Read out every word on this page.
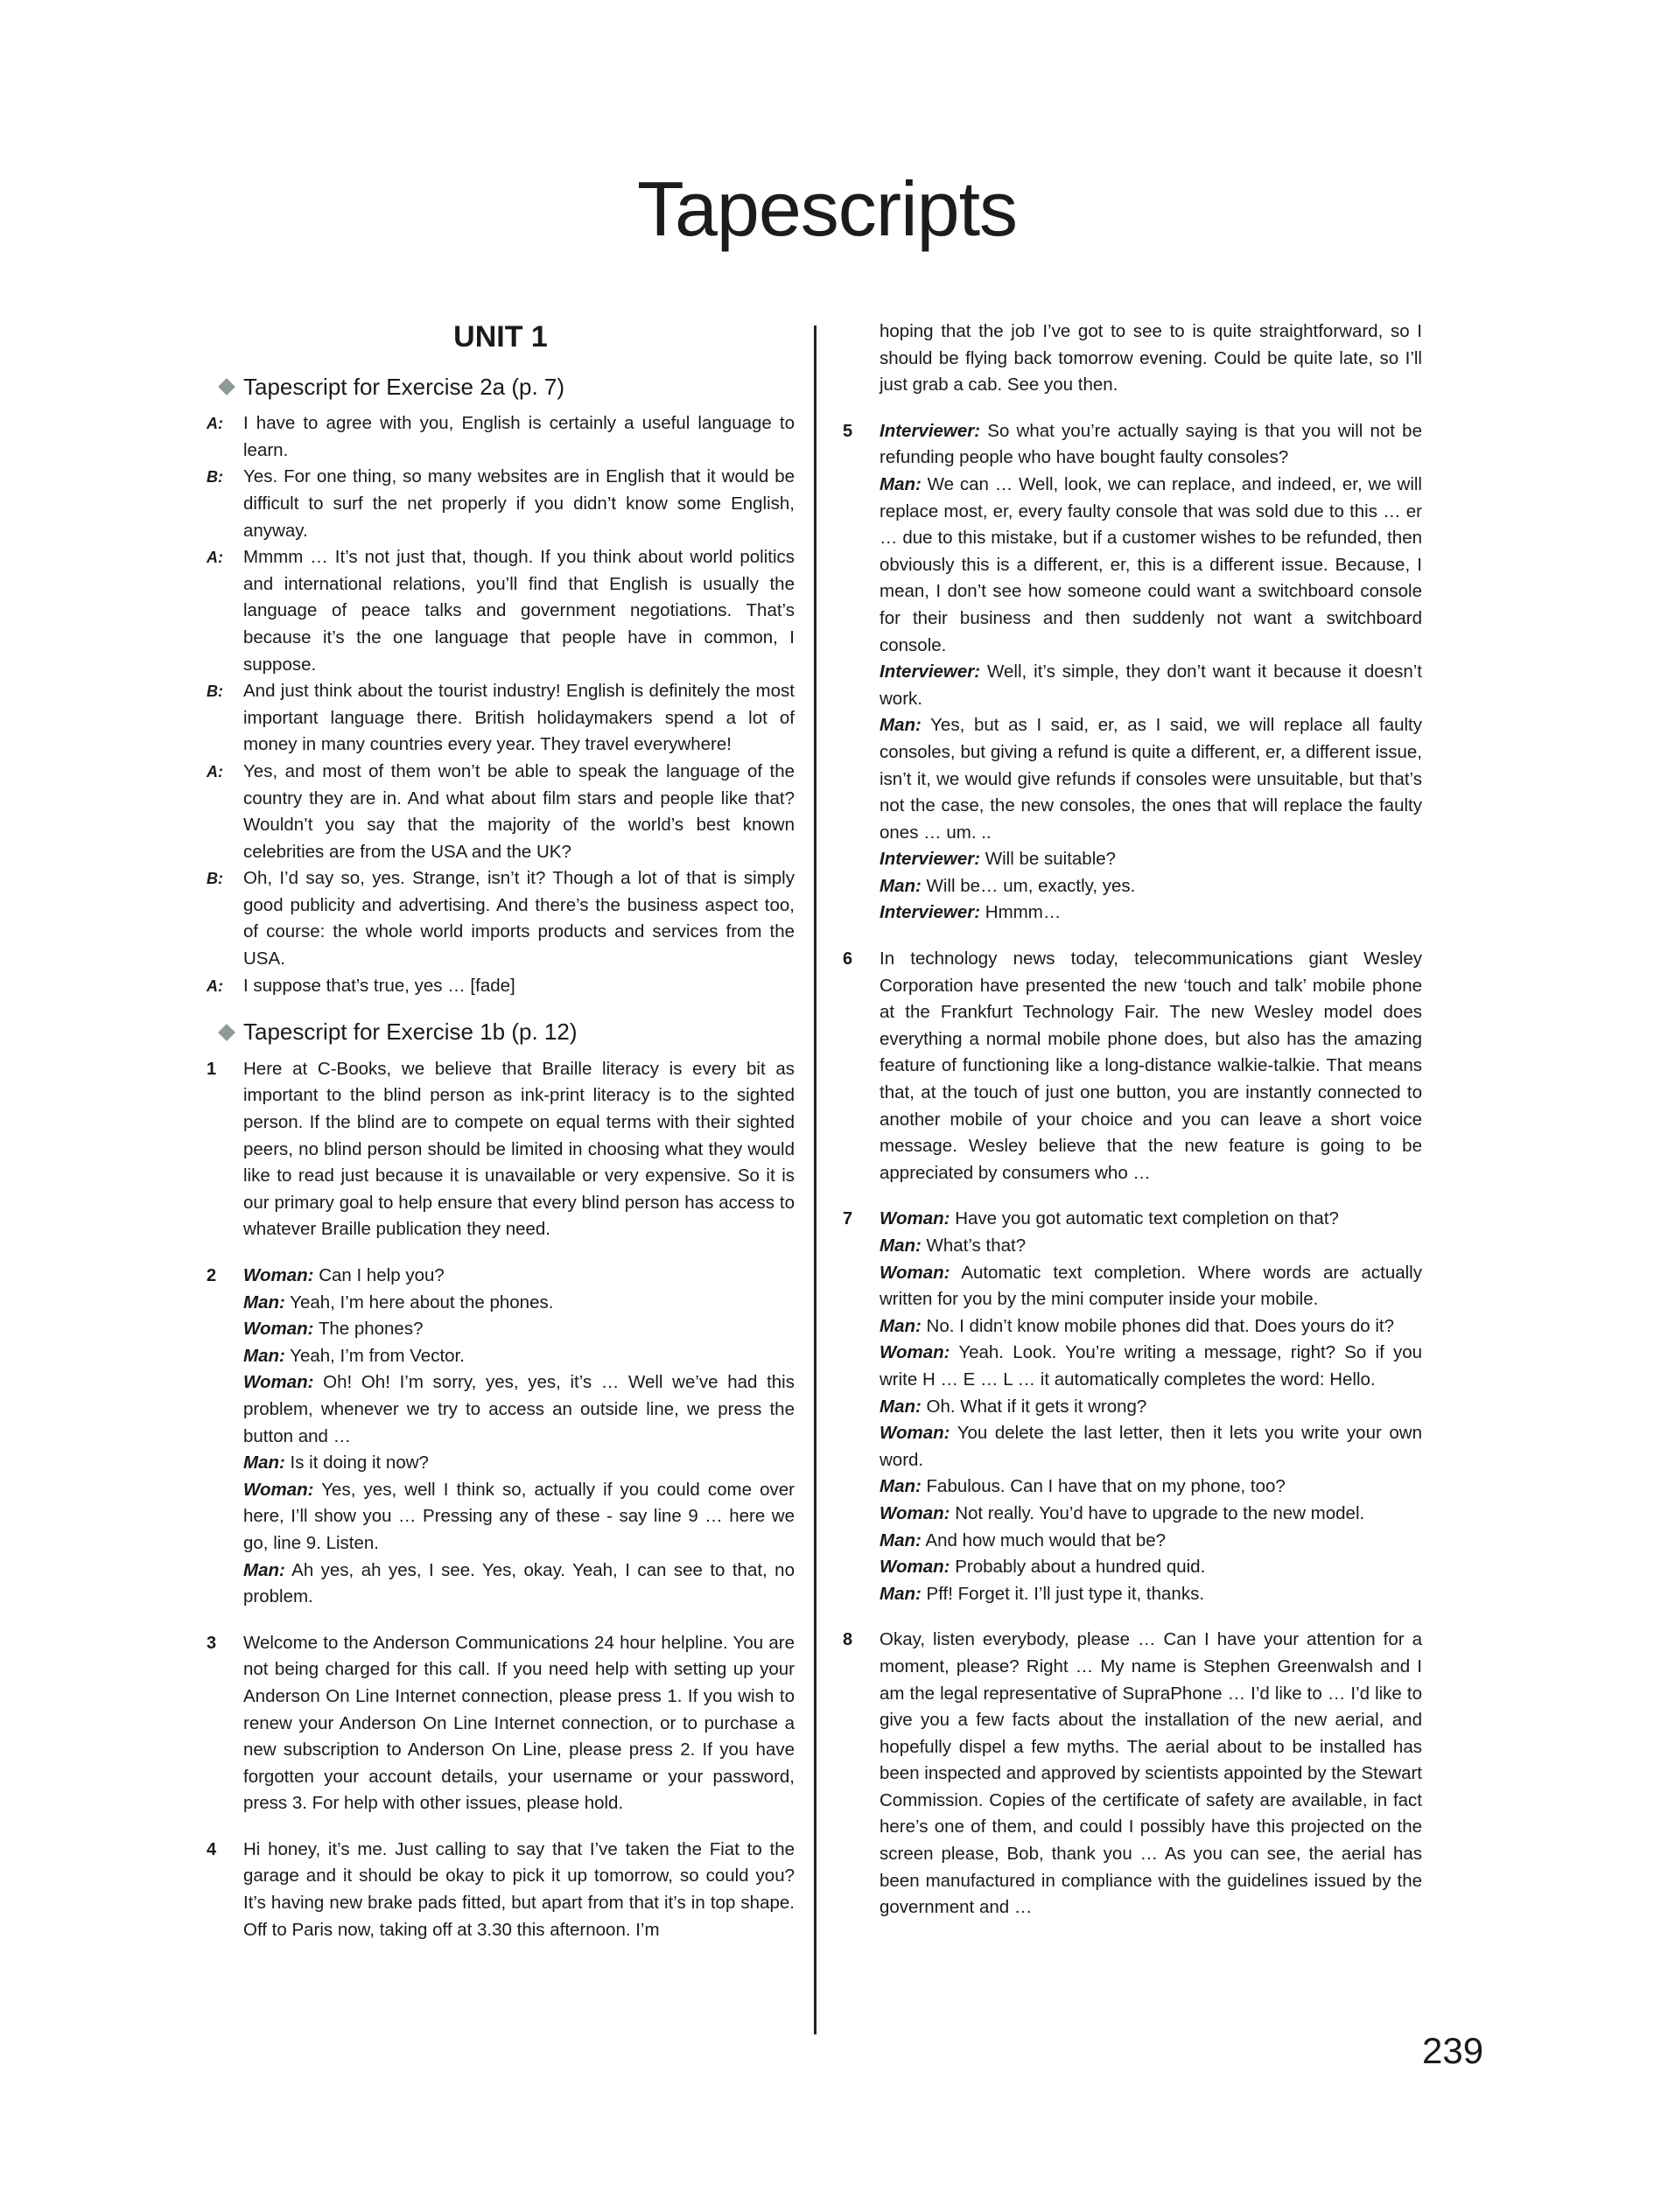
Tapescripts
UNIT 1
Tapescript for Exercise 2a (p. 7)
A:	I have to agree with you, English is certainly a useful language to learn.
B:	Yes. For one thing, so many websites are in English that it would be difficult to surf the net properly if you didn’t know some English, anyway.
A:	Mmmm … It’s not just that, though. If you think about world politics and international relations, you’ll find that English is usually the language of peace talks and government negotiations. That’s because it’s the one language that people have in common, I suppose.
B:	And just think about the tourist industry! English is definitely the most important language there. British holidaymakers spend a lot of money in many countries every year. They travel everywhere!
A:	Yes, and most of them won’t be able to speak the language of the country they are in. And what about film stars and people like that? Wouldn’t you say that the majority of the world’s best known celebrities are from the USA and the UK?
B:	Oh, I’d say so, yes. Strange, isn’t it? Though a lot of that is simply good publicity and advertising. And there’s the business aspect too, of course: the whole world imports products and services from the USA.
A:	I suppose that’s true, yes … [fade]
Tapescript for Exercise 1b (p. 12)
1	Here at C-Books, we believe that Braille literacy is every bit as important to the blind person as ink-print literacy is to the sighted person. If the blind are to compete on equal terms with their sighted peers, no blind person should be limited in choosing what they would like to read just because it is unavailable or very expensive. So it is our primary goal to help ensure that every blind person has access to whatever Braille publication they need.
2	Woman: Can I help you?
Man: Yeah, I’m here about the phones.
Woman: The phones?
Man: Yeah, I’m from Vector.
Woman: Oh! Oh! I’m sorry, yes, yes, it’s … Well we’ve had this problem, whenever we try to access an outside line, we press the button and …
Man: Is it doing it now?
Woman: Yes, yes, well I think so, actually if you could come over here, I’ll show you … Pressing any of these - say line 9 … here we go, line 9. Listen.
Man: Ah yes, ah yes, I see. Yes, okay. Yeah, I can see to that, no problem.
3	Welcome to the Anderson Communications 24 hour helpline. You are not being charged for this call. If you need help with setting up your Anderson On Line Internet connection, please press 1. If you wish to renew your Anderson On Line Internet connection, or to purchase a new subscription to Anderson On Line, please press 2. If you have forgotten your account details, your username or your password, press 3. For help with other issues, please hold.
4	Hi honey, it’s me. Just calling to say that I’ve taken the Fiat to the garage and it should be okay to pick it up tomorrow, so could you? It’s having new brake pads fitted, but apart from that it’s in top shape. Off to Paris now, taking off at 3.30 this afternoon. I’m
hoping that the job I’ve got to see to is quite straightforward, so I should be flying back tomorrow evening. Could be quite late, so I’ll just grab a cab. See you then.
5	Interviewer: So what you’re actually saying is that you will not be refunding people who have bought faulty consoles?
Man: We can … Well, look, we can replace, and indeed, er, we will replace most, er, every faulty console that was sold due to this … er … due to this mistake, but if a customer wishes to be refunded, then obviously this is a different, er, this is a different issue. Because, I mean, I don’t see how someone could want a switchboard console for their business and then suddenly not want a switchboard console.
Interviewer: Well, it’s simple, they don’t want it because it doesn’t work.
Man: Yes, but as I said, er, as I said, we will replace all faulty consoles, but giving a refund is quite a different, er, a different issue, isn’t it, we would give refunds if consoles were unsuitable, but that’s not the case, the new consoles, the ones that will replace the faulty ones … um. ..
Interviewer: Will be suitable?
Man: Will be… um, exactly, yes.
Interviewer: Hmmm…
6	In technology news today, telecommunications giant Wesley Corporation have presented the new ‘touch and talk’ mobile phone at the Frankfurt Technology Fair. The new Wesley model does everything a normal mobile phone does, but also has the amazing feature of functioning like a long-distance walkie-talkie. That means that, at the touch of just one button, you are instantly connected to another mobile of your choice and you can leave a short voice message. Wesley believe that the new feature is going to be appreciated by consumers who …
7	Woman: Have you got automatic text completion on that?
Man: What’s that?
Woman: Automatic text completion. Where words are actually written for you by the mini computer inside your mobile.
Man: No. I didn’t know mobile phones did that. Does yours do it?
Woman: Yeah. Look. You’re writing a message, right? So if you write H … E … L … it automatically completes the word: Hello.
Man: Oh. What if it gets it wrong?
Woman: You delete the last letter, then it lets you write your own word.
Man: Fabulous. Can I have that on my phone, too?
Woman: Not really. You’d have to upgrade to the new model.
Man: And how much would that be?
Woman: Probably about a hundred quid.
Man: Pff! Forget it. I’ll just type it, thanks.
8	Okay, listen everybody, please … Can I have your attention for a moment, please? Right … My name is Stephen Greenwalsh and I am the legal representative of SupraPhone … I’d like to … I’d like to give you a few facts about the installation of the new aerial, and hopefully dispel a few myths. The aerial about to be installed has been inspected and approved by scientists appointed by the Stewart Commission. Copies of the certificate of safety are available, in fact here’s one of them, and could I possibly have this projected on the screen please, Bob, thank you … As you can see, the aerial has been manufactured in compliance with the guidelines issued by the government and …
239
